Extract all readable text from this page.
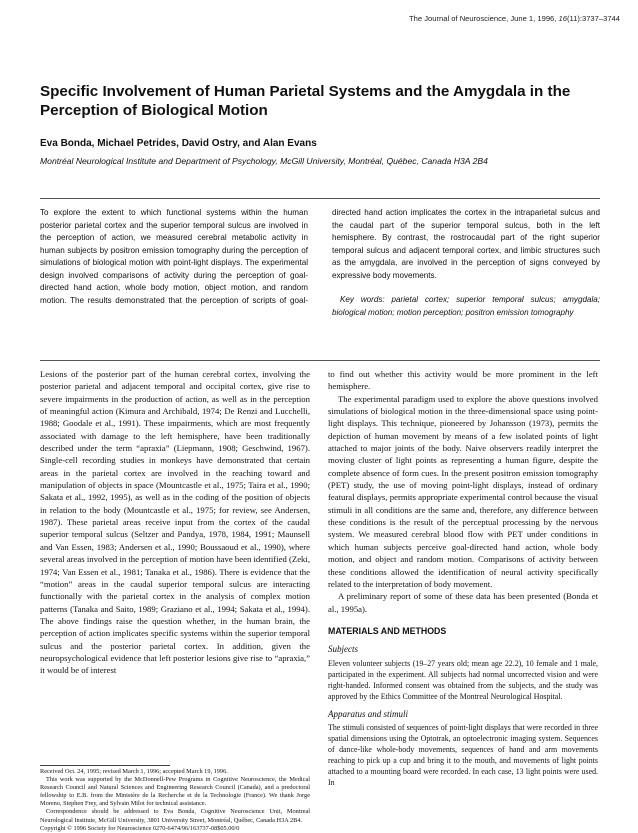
The Journal of Neuroscience, June 1, 1996, 16(11):3737–3744
Specific Involvement of Human Parietal Systems and the Amygdala in the Perception of Biological Motion
Eva Bonda, Michael Petrides, David Ostry, and Alan Evans
Montréal Neurological Institute and Department of Psychology, McGill University, Montréal, Québec, Canada H3A 2B4

To explore the extent to which functional systems within the human posterior parietal cortex and the superior temporal sulcus are involved in the perception of action, we measured cerebral metabolic activity in human subjects by positron emission tomography during the perception of simulations of biological motion with point-light displays. The experimental design involved comparisons of activity during the perception of goal-directed hand action, whole body motion, object motion, and random motion. The results demonstrated that the perception of scripts of goal-directed hand action implicates the cortex in the intraparietal sulcus and the caudal part of the superior temporal sulcus, both in the left hemisphere. By contrast, the rostrocaudal part of the right superior temporal sulcus and adjacent temporal cortex, and limbic structures such as the amygdala, are involved in the perception of signs conveyed by expressive body movements.

Key words: parietal cortex; superior temporal sulcus; amygdala; biological motion; motion perception; positron emission tomography

Lesions of the posterior part of the human cerebral cortex, involving the posterior parietal and adjacent temporal and occipital cortex, give rise to severe impairments in the production of action, as well as in the perception of meaningful action (Kimura and Archibald, 1974; De Renzi and Lucchelli, 1988; Goodale et al., 1991). These impairments, which are most frequently associated with damage to the left hemisphere, have been traditionally described under the term “apraxia” (Liepmann, 1908; Geschwind, 1967). Single-cell recording studies in monkeys have demonstrated that certain areas in the parietal cortex are involved in the reaching toward and manipulation of objects in space (Mountcastle et al., 1975; Taira et al., 1990; Sakata et al., 1992, 1995), as well as in the coding of the position of objects in relation to the body (Mountcastle et al., 1975; for review, see Andersen, 1987). These parietal areas receive input from the cortex of the caudal superior temporal sulcus (Seltzer and Pandya, 1978, 1984, 1991; Maunsell and Van Essen, 1983; Andersen et al., 1990; Boussaoud et al., 1990), where several areas involved in the perception of motion have been identified (Zeki, 1974; Van Essen et al., 1981; Tanaka et al., 1986). There is evidence that the “motion” areas in the caudal superior temporal sulcus are interacting functionally with the parietal cortex in the analysis of complex motion patterns (Tanaka and Saito, 1989; Graziano et al., 1994; Sakata et al., 1994). The above findings raise the question whether, in the human brain, the perception of action implicates specific systems within the superior temporal sulcus and the posterior parietal cortex. In addition, given the neuropsychological evidence that left posterior lesions give rise to “apraxia,” it would be of interest

to find out whether this activity would be more prominent in the left hemisphere.

The experimental paradigm used to explore the above questions involved simulations of biological motion in the three-dimensional space using point-light displays. This technique, pioneered by Johansson (1973), permits the depiction of human movement by means of a few isolated points of light attached to major joints of the body. Naive observers readily interpret the moving cluster of light points as representing a human figure, despite the complete absence of form cues. In the present positron emission tomography (PET) study, the use of moving point-light displays, instead of ordinary featural displays, permits appropriate experimental control because the visual stimuli in all conditions are the same and, therefore, any difference between these conditions is the result of the perceptual processing by the nervous system. We measured cerebral blood flow with PET under conditions in which human subjects perceive goal-directed hand action, whole body motion, and object and random motion. Comparisons of activity between these conditions allowed the identification of neural activity specifically related to the interpretation of body movement.

A preliminary report of some of these data has been presented (Bonda et al., 1995a).

MATERIALS AND METHODS

Subjects

Eleven volunteer subjects (19–27 years old; mean age 22.2), 10 female and 1 male, participated in the experiment. All subjects had normal uncorrected vision and were right-handed. Informed consent was obtained from the subjects, and the study was approved by the Ethics Committee of the Montreal Neurological Hospital.

Apparatus and stimuli

The stimuli consisted of sequences of point-light displays that were recorded in three spatial dimensions using the Optotrak, an optoelectronic imaging system. Sequences of dance-like whole-body movements, sequences of hand and arm movements reaching to pick up a cup and bring it to the mouth, and movements of light points attached to a mounting board were recorded. In each case, 13 light points were used. In

Received Oct. 24, 1995; revised March 1, 1996; accepted March 19, 1996.

This work was supported by the McDonnell-Pew Programs in Cognitive Neuroscience, the Medical Research Council and Natural Sciences and Engineering Research Council (Canada), and a predoctoral fellowship to E.B. from the Ministère de la Recherche et de la Technologie (France). We thank Jorge Moreno, Stephen Frey, and Sylvain Milot for technical assistance.

Correspondence should be addressed to Eva Bonda, Cognitive Neuroscience Unit, Montreal Neurological Institute, McGill University, 3801 University Street, Montréal, Québec, Canada H3A 2B4.

Copyright © 1996 Society for Neuroscience 0270-6474/96/163737-08$05.00/0
